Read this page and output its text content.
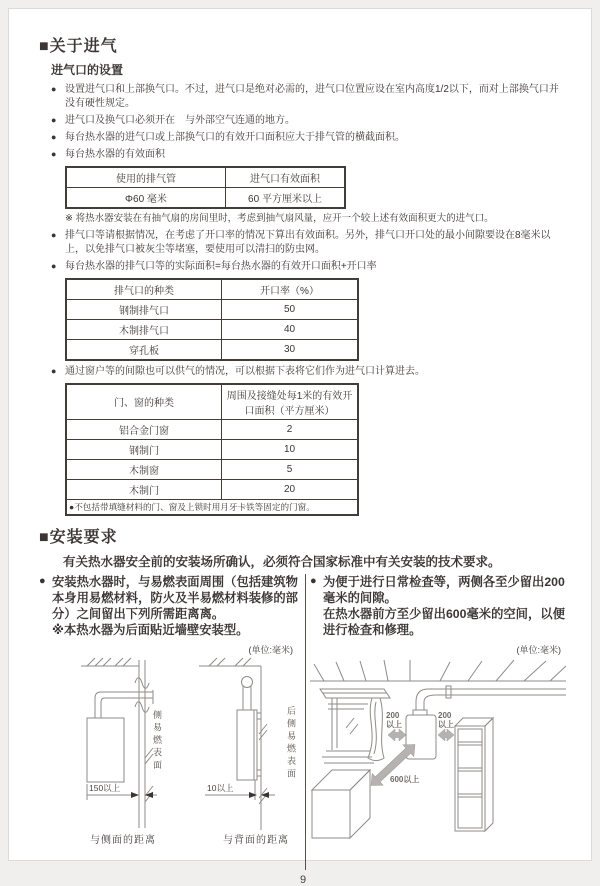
■关于进气
进气口的设置
● 设置进气口和上部换气口。不过，进气口是绝对必需的，进气口位置应设在室内高度1/2以下，而对上部换气口并没有硬性规定。
● 进气口及换气口必须开在　与外部空气连通的地方。
● 每台热水器的进气口或上部换气口的有效开口面积应大于排气管的横截面积。
● 每台热水器的有效面积
使用的排气管	进气口有效面积
Φ60 毫米	60 平方厘米以上
※ 将热水器安装在有抽气扇的房间里时，考虑到抽气扇风量，应开一个较上述有效面积更大的进气口。
● 排气口等请根据情况，在考虑了开口率的情况下算出有效面积。另外，排气口开口处的最小间隙要设在8毫米以上，以免排气口被灰尘等堵塞，要使用可以清扫的防虫网。
● 每台热水器的排气口等的实际面积=每台热水器的有效开口面积+开口率
排气口的种类	开口率（%）
钢制排气口	50
木制排气口	40
穿孔板	30
● 通过窗户等的间隙也可以供气的情况，可以根据下表将它们作为进气口计算进去。
门、窗的种类	周围及接缝处每1米的有效开口面积（平方厘米）
铝合金门窗	2
钢制门	10
木制窗	5
木制门	20
●不包括带填缝材料的门、窗及上锁时用月牙卡铁等固定的门窗。	
■安装要求

有关热水器安全前的安装场所确认，必须符合国家标准中有关安装的技术要求。

● 安装热水器时，与易燃表面周围（包括建筑物本身用易燃材料，防火及半易燃材料装修的部分）之间留出下列所需距离离。
※本热水器为后面贴近墙壁安装型。
(单位:毫米)
150以上
侧易燃表面
与侧面的距离
10以上
后侧易燃表面
与背面的距离
● 为便于进行日常检查等，两侧各至少留出200毫米的间隙。
在热水器前方至少留出600毫米的空间，以便进行检查和修理。
(单位:毫米)
200
以上
200
以上
600以上
9
